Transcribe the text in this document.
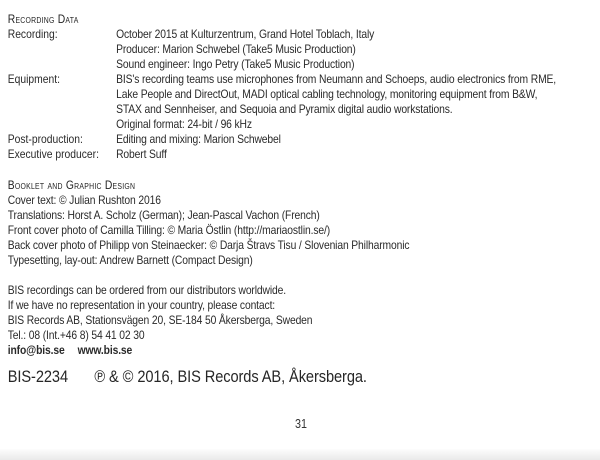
Recording Data
Recording:	October 2015 at Kulturzentrum, Grand Hotel Toblach, Italy
Producer: Marion Schwebel (Take5 Music Production)
Sound engineer: Ingo Petry (Take5 Music Production)
Equipment:	BIS's recording teams use microphones from Neumann and Schoeps, audio electronics from RME,
Lake People and DirectOut, MADI optical cabling technology, monitoring equipment from B&W,
STAX and Sennheiser, and Sequoia and Pyramix digital audio workstations.
Original format: 24-bit / 96 kHz
Post-production:	Editing and mixing: Marion Schwebel
Executive producer:	Robert Suff
Booklet and Graphic Design
Cover text: © Julian Rushton 2016
Translations: Horst A. Scholz (German); Jean-Pascal Vachon (French)
Front cover photo of Camilla Tilling: © Maria Östlin (http://mariaostlin.se/)
Back cover photo of Philipp von Steinaecker: © Darja Štravs Tisu / Slovenian Philharmonic
Typesetting, lay-out: Andrew Barnett (Compact Design)
BIS recordings can be ordered from our distributors worldwide.
If we have no representation in your country, please contact:
BIS Records AB, Stationsvägen 20, SE-184 50 Åkersberga, Sweden
Tel.: 08 (Int.+46 8) 54 41 02 30
info@bis.se www.bis.se
BIS-2234 ℗ & © 2016, BIS Records AB, Åkersberga.
31
